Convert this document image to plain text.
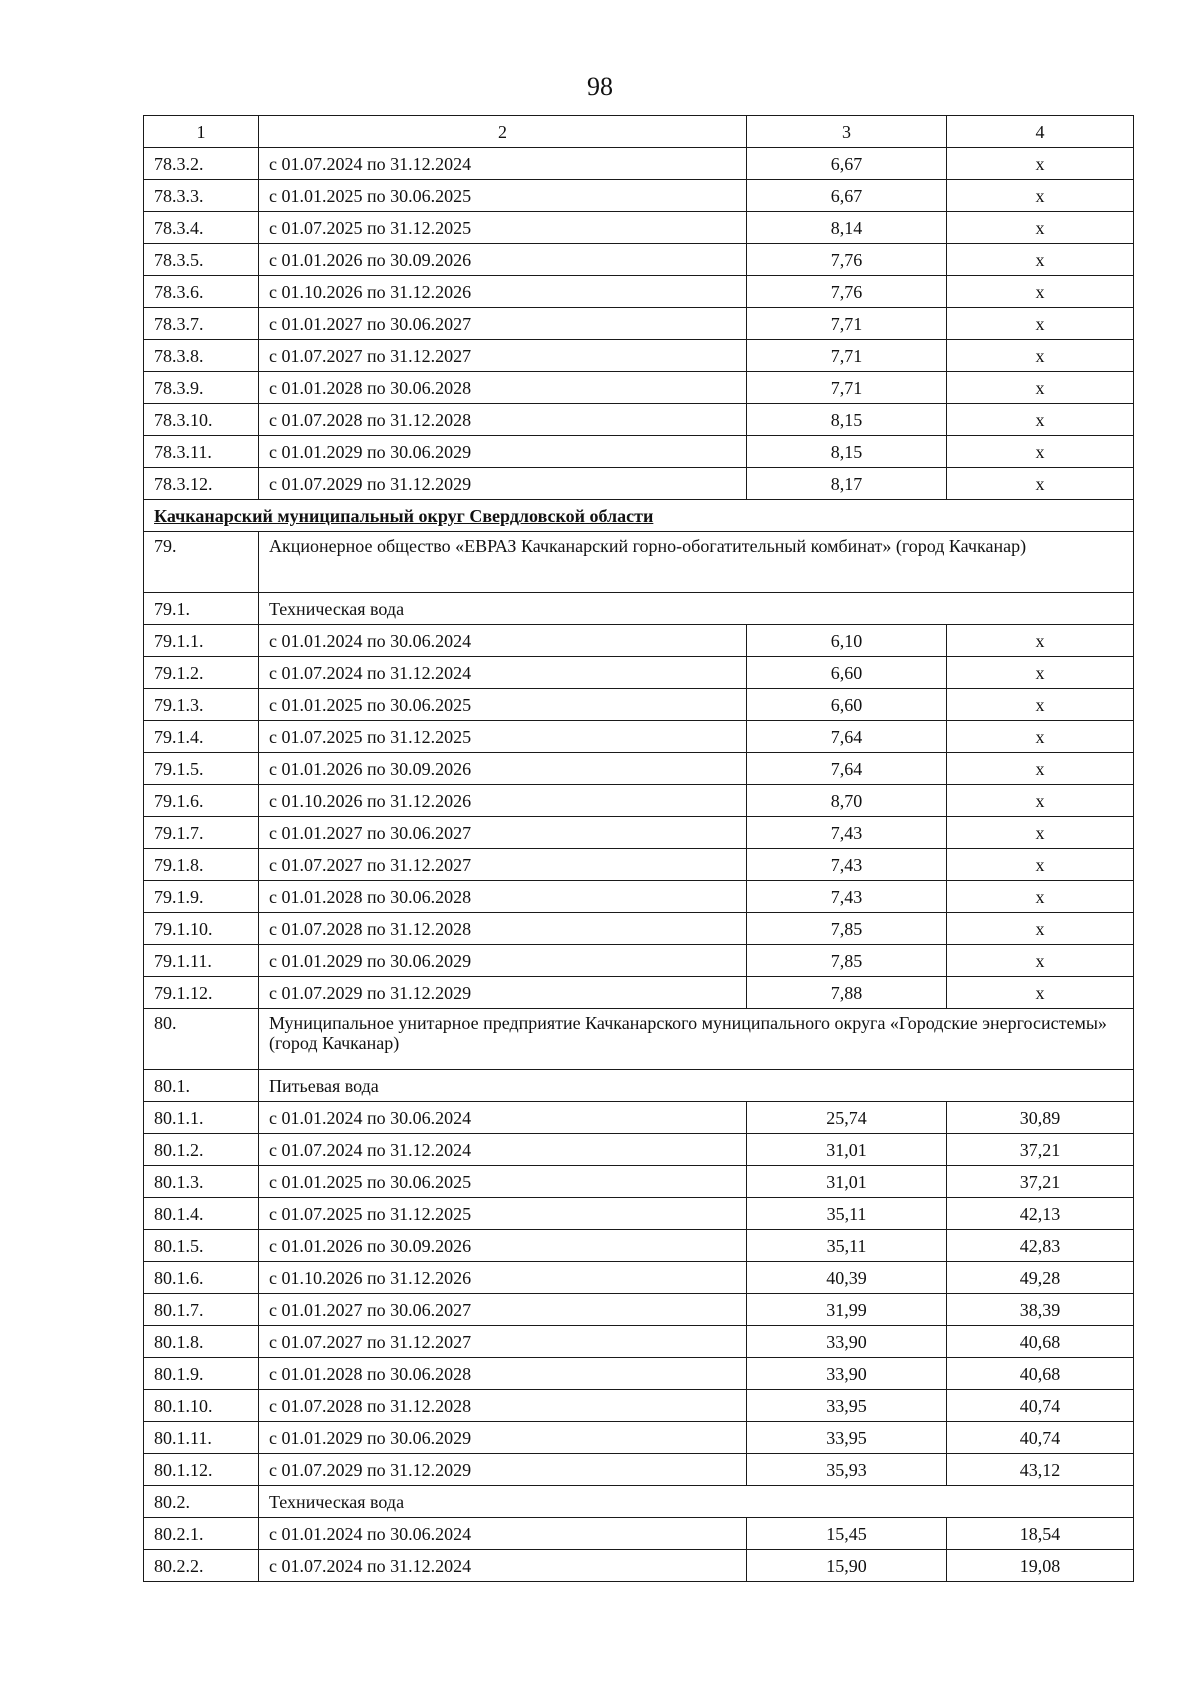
98
1	2	3	4
78.3.2.	с 01.07.2024 по 31.12.2024	6,67	х
78.3.3.	с 01.01.2025 по 30.06.2025	6,67	х
78.3.4.	с 01.07.2025 по 31.12.2025	8,14	х
78.3.5.	с 01.01.2026 по 30.09.2026	7,76	х
78.3.6.	с 01.10.2026 по 31.12.2026	7,76	х
78.3.7.	с 01.01.2027 по 30.06.2027	7,71	х
78.3.8.	с 01.07.2027 по 31.12.2027	7,71	х
78.3.9.	с 01.01.2028 по 30.06.2028	7,71	х
78.3.10.	с 01.07.2028 по 31.12.2028	8,15	х
78.3.11.	с 01.01.2029 по 30.06.2029	8,15	х
78.3.12.	с 01.07.2029 по 31.12.2029	8,17	х
Качканарский муниципальный округ Свердловской области			
79.	Акционерное общество «ЕВРАЗ Качканарский горно-обогатительный комбинат» (город Качканар)		
79.1.	Техническая вода		
79.1.1.	с 01.01.2024 по 30.06.2024	6,10	х
79.1.2.	с 01.07.2024 по 31.12.2024	6,60	х
79.1.3.	с 01.01.2025 по 30.06.2025	6,60	х
79.1.4.	с 01.07.2025 по 31.12.2025	7,64	х
79.1.5.	с 01.01.2026 по 30.09.2026	7,64	х
79.1.6.	с 01.10.2026 по 31.12.2026	8,70	х
79.1.7.	с 01.01.2027 по 30.06.2027	7,43	х
79.1.8.	с 01.07.2027 по 31.12.2027	7,43	х
79.1.9.	с 01.01.2028 по 30.06.2028	7,43	х
79.1.10.	с 01.07.2028 по 31.12.2028	7,85	х
79.1.11.	с 01.01.2029 по 30.06.2029	7,85	х
79.1.12.	с 01.07.2029 по 31.12.2029	7,88	х
80.	Муниципальное унитарное предприятие Качканарского муниципального округа «Городские энергосистемы» (город Качканар)		
80.1.	Питьевая вода		
80.1.1.	с 01.01.2024 по 30.06.2024	25,74	30,89
80.1.2.	с 01.07.2024 по 31.12.2024	31,01	37,21
80.1.3.	с 01.01.2025 по 30.06.2025	31,01	37,21
80.1.4.	с 01.07.2025 по 31.12.2025	35,11	42,13
80.1.5.	с 01.01.2026 по 30.09.2026	35,11	42,83
80.1.6.	с 01.10.2026 по 31.12.2026	40,39	49,28
80.1.7.	с 01.01.2027 по 30.06.2027	31,99	38,39
80.1.8.	с 01.07.2027 по 31.12.2027	33,90	40,68
80.1.9.	с 01.01.2028 по 30.06.2028	33,90	40,68
80.1.10.	с 01.07.2028 по 31.12.2028	33,95	40,74
80.1.11.	с 01.01.2029 по 30.06.2029	33,95	40,74
80.1.12.	с 01.07.2029 по 31.12.2029	35,93	43,12
80.2.	Техническая вода		
80.2.1.	с 01.01.2024 по 30.06.2024	15,45	18,54
80.2.2.	с 01.07.2024 по 31.12.2024	15,90	19,08
